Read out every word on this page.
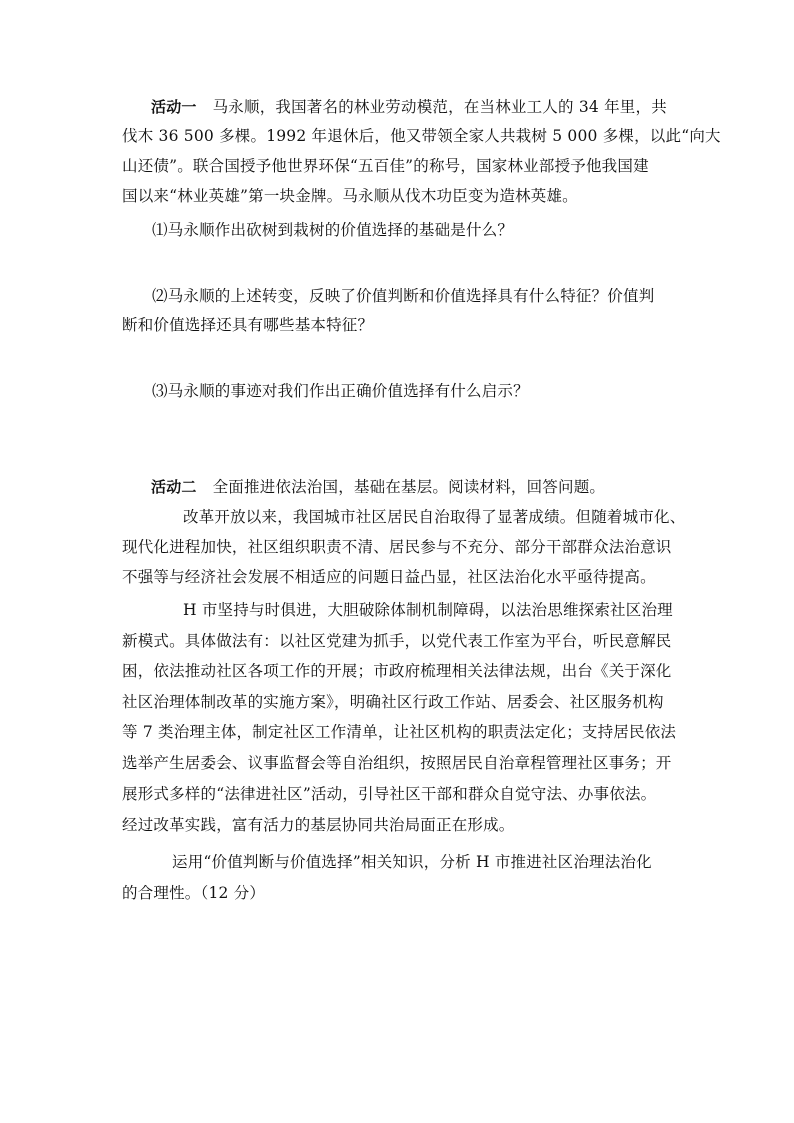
活动一 马永顺，我国著名的林业劳动模范，在当林业工人的 34 年里，共
伐木 36 500 多棵。1992 年退休后，他又带领全家人共栽树 5 000 多棵，以此“向大
山还债”。联合国授予他世界环保“五百佳”的称号，国家林业部授予他我国建
国以来“林业英雄”第一块金牌。马永顺从伐木功臣变为造林英雄。
⑴马永顺作出砍树到栽树的价值选择的基础是什么？
⑵马永顺的上述转变，反映了价值判断和价值选择具有什么特征？价值判
断和价值选择还具有哪些基本特征？
⑶马永顺的事迹对我们作出正确价值选择有什么启示？
活动二 全面推进依法治国，基础在基层。阅读材料，回答问题。
改革开放以来，我国城市社区居民自治取得了显著成绩。但随着城市化、
现代化进程加快，社区组织职责不清、居民参与不充分、部分干部群众法治意识
不强等与经济社会发展不相适应的问题日益凸显，社区法治化水平亟待提高。
H 市坚持与时俱进，大胆破除体制机制障碍，以法治思维探索社区治理
新模式。具体做法有：以社区党建为抓手，以党代表工作室为平台，听民意解民
困，依法推动社区各项工作的开展；市政府梳理相关法律法规，出台《关于深化
社区治理体制改革的实施方案》，明确社区行政工作站、居委会、社区服务机构
等 7 类治理主体，制定社区工作清单，让社区机构的职责法定化；支持居民依法
选举产生居委会、议事监督会等自治组织，按照居民自治章程管理社区事务；开
展形式多样的“法律进社区”活动，引导社区干部和群众自觉守法、办事依法。
经过改革实践，富有活力的基层协同共治局面正在形成。
运用“价值判断与价值选择”相关知识，分析 H 市推进社区治理法治化
的合理性。（12 分）
